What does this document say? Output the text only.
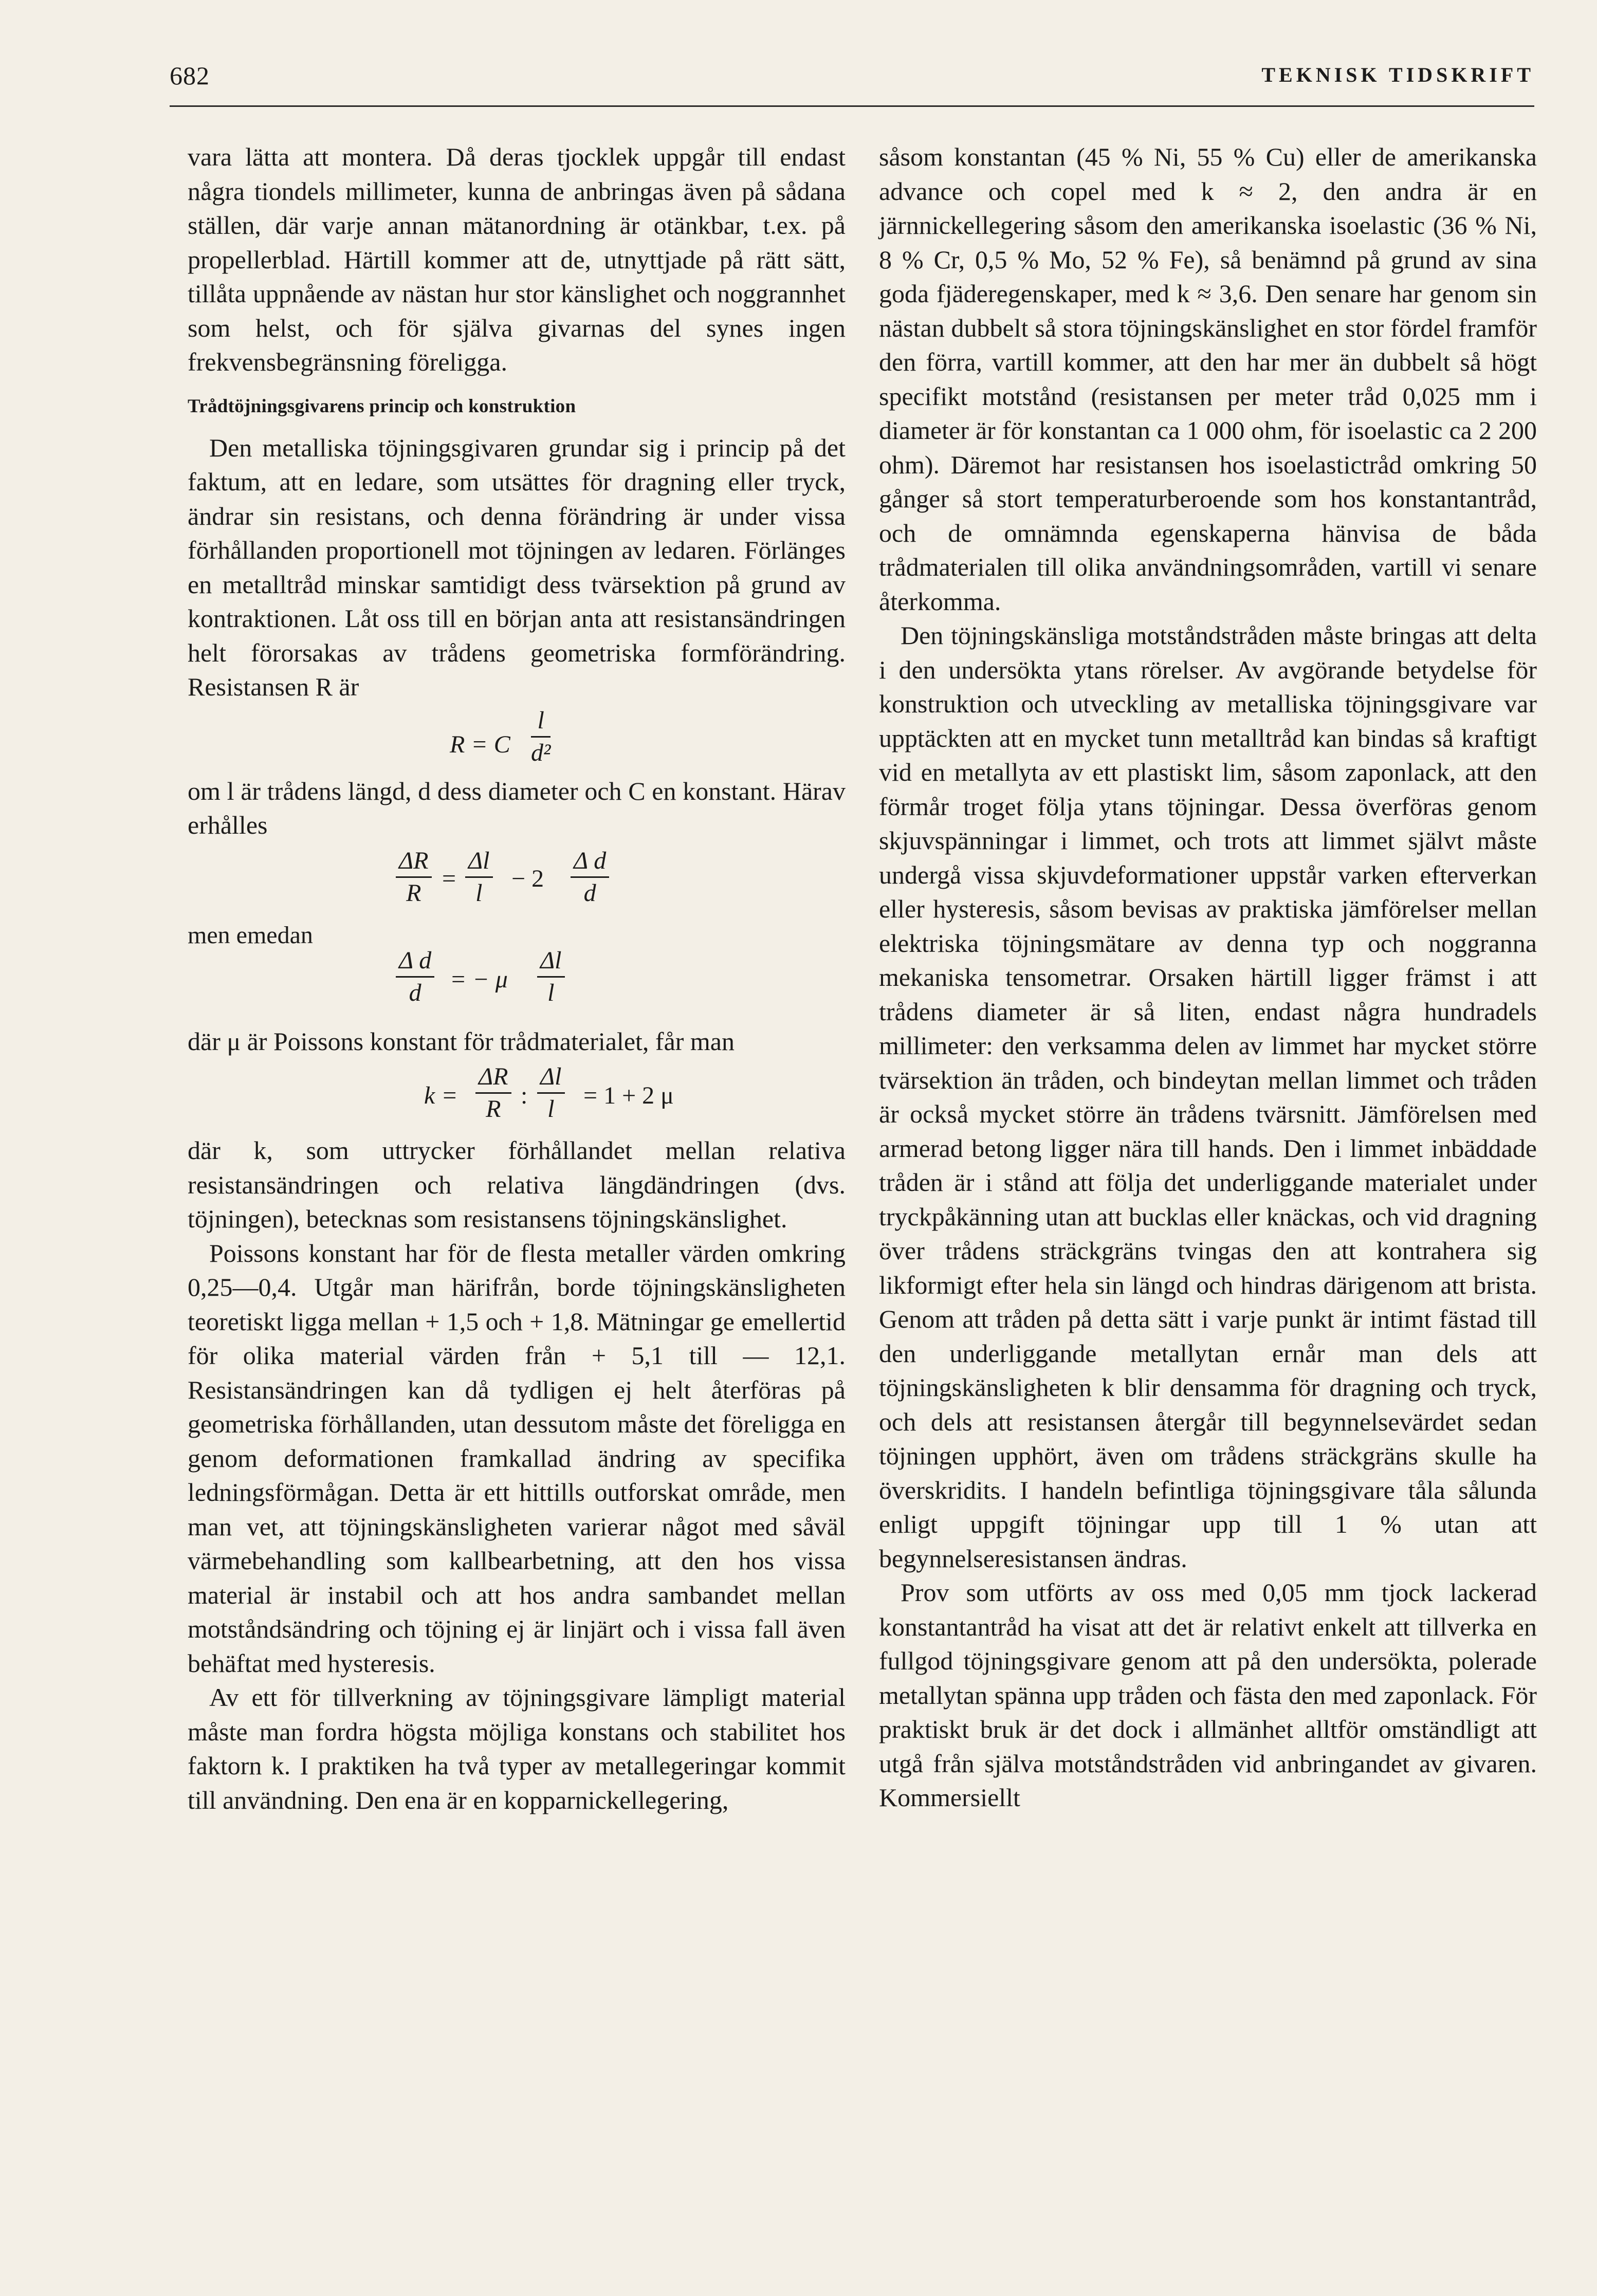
682	TEKNISK TIDSKRIFT

vara lätta att montera. Då deras tjocklek uppgår till endast några tiondels millimeter, kunna de anbringas även på sådana ställen, där varje annan mätanordning är otänkbar, t.ex. på propellerblad. Härtill kommer att de, utnyttjade på rätt sätt, tillåta uppnående av nästan hur stor känslighet och noggrannhet som helst, och för själva givarnas del synes ingen frekvensbegränsning föreligga.

Trådtöjningsgivarens princip och konstruktion

Den metalliska töjningsgivaren grundar sig i princip på det faktum, att en ledare, som utsättes för dragning eller tryck, ändrar sin resistans, och denna förändring är under vissa förhållanden proportionell mot töjningen av ledaren. Förlänges en metalltråd minskar samtidigt dess tvärsektion på grund av kontraktionen. Låt oss till en början anta att resistansändringen helt förorsakas av trådens geometriska formförändring. Resistansen R är

R = C $\frac{l}{\text{d²}}$

om l är trådens längd, d dess diameter och C en konstant. Härav erhålles

$\frac{\Delta R}{R} = \frac{\Delta l}{l} - 2 \frac{\text{Δ d}}{d}$
men emedan
$\frac{\text{Δ d}}{d}$ = − μ $\frac{\Delta l}{l}$

där μ är Poissons konstant för trådmaterialet, får man

$k = \frac{\Delta R}{R}$ : $\frac{\Delta l}{l} = 1 + 2$ μ

där k, som uttrycker förhållandet mellan relativa resistansändringen och relativa längdändringen (dvs. töjningen), betecknas som resistansens töjningskänslighet.

Poissons konstant har för de flesta metaller värden omkring 0,25—0,4. Utgår man härifrån, borde töjningskänsligheten teoretiskt ligga mellan + 1,5 och + 1,8. Mätningar ge emellertid för olika material värden från + 5,1 till — 12,1. Resistansändringen kan då tydligen ej helt återföras på geometriska förhållanden, utan dessutom måste det föreligga en genom deformationen framkallad ändring av specifika ledningsförmågan. Detta är ett hittills outforskat område, men man vet, att töjningskänsligheten varierar något med såväl värmebehandling som kallbearbetning, att den hos vissa material är instabil och att hos andra sambandet mellan motståndsändring och töjning ej är linjärt och i vissa fall även behäftat med hysteresis.

Av ett för tillverkning av töjningsgivare lämpligt material måste man fordra högsta möjliga konstans och stabilitet hos faktorn k. I praktiken ha två typer av metallegeringar kommit till användning. Den ena är en kopparnickellegering,

såsom konstantan (45 % Ni, 55 % Cu) eller de amerikanska advance och copel med k ≈ 2, den andra är en järnnickellegering såsom den amerikanska isoelastic (36 % Ni, 8 % Cr, 0,5 % Mo, 52 % Fe), så benämnd på grund av sina goda fjäderegenskaper, med k ≈ 3,6. Den senare har genom sin nästan dubbelt så stora töjningskänslighet en stor fördel framför den förra, vartill kommer, att den har mer än dubbelt så högt specifikt motstånd (resistansen per meter tråd 0,025 mm i diameter är för konstantan ca 1 000 ohm, för isoelastic ca 2 200 ohm). Däremot har resistansen hos isoelastictråd omkring 50 gånger så stort temperaturberoende som hos konstantantråd, och de omnämnda egenskaperna hänvisa de båda trådmaterialen till olika användningsområden, vartill vi senare återkomma.

Den töjningskänsliga motståndstråden måste bringas att delta i den undersökta ytans rörelser. Av avgörande betydelse för konstruktion och utveckling av metalliska töjningsgivare var upptäckten att en mycket tunn metalltråd kan bindas så kraftigt vid en metallyta av ett plastiskt lim, såsom zaponlack, att den förmår troget följa ytans töjningar. Dessa överföras genom skjuvspänningar i limmet, och trots att limmet självt måste undergå vissa skjuvdeformationer uppstår varken efterverkan eller hysteresis, såsom bevisas av praktiska jämförelser mellan elektriska töjningsmätare av denna typ och noggranna mekaniska tensometrar. Orsaken härtill ligger främst i att trådens diameter är så liten, endast några hundradels millimeter: den verksamma delen av limmet har mycket större tvärsektion än tråden, och bindeytan mellan limmet och tråden är också mycket större än trådens tvärsnitt. Jämförelsen med armerad betong ligger nära till hands. Den i limmet inbäddade tråden är i stånd att följa det underliggande materialet under tryckpåkänning utan att bucklas eller knäckas, och vid dragning över trådens sträckgräns tvingas den att kontrahera sig likformigt efter hela sin längd och hindras därigenom att brista. Genom att tråden på detta sätt i varje punkt är intimt fästad till den underliggande metallytan ernår man dels att töjningskänsligheten k blir densamma för dragning och tryck, och dels att resistansen återgår till begynnelsevärdet sedan töjningen upphört, även om trådens sträckgräns skulle ha överskridits. I handeln befintliga töjningsgivare tåla sålunda enligt uppgift töjningar upp till 1 % utan att begynnelseresistansen ändras.

Prov som utförts av oss med 0,05 mm tjock lackerad konstantantråd ha visat att det är relativt enkelt att tillverka en fullgod töjningsgivare genom att på den undersökta, polerade metallytan spänna upp tråden och fästa den med zaponlack. För praktiskt bruk är det dock i allmänhet alltför omständligt att utgå från själva motståndstråden vid anbringandet av givaren. Kommersiellt
